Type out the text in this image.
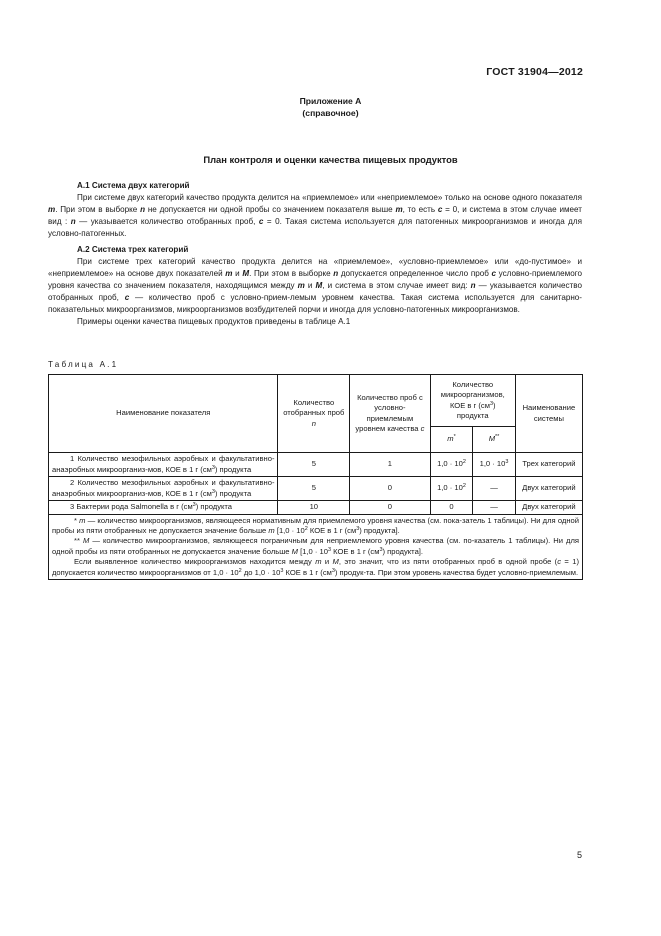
ГОСТ 31904—2012
Приложение А
(справочное)
План контроля и оценки качества пищевых продуктов

А.1 Система двух категорий

При системе двух категорий качество продукта делится на «приемлемое» или «неприемлемое» только на основе одного показателя m. При этом в выборке n не допускается ни одной пробы со значением показателя выше m, то есть c = 0, и система в этом случае имеет вид : n — указывается количество отобранных проб, c = 0. Такая система используется для патогенных микроорганизмов и иногда для условно-патогенных.

А.2 Система трех категорий

При системе трех категорий качество продукта делится на «приемлемое», «условно-приемлемое» или «до-пустимое» и «неприемлемое» на основе двух показателей m и M. При этом в выборке n допускается определенное число проб c условно-приемлемого уровня качества со значением показателя, находящимся между m и M, и система в этом случае имеет вид: n — указывается количество отобранных проб, c — количество проб с условно-прием-лемым уровнем качества. Такая система используется для санитарно-показательных микроорганизмов, микроорганизмов возбудителей порчи и иногда для условно-патогенных микроорганизмов.

Примеры оценки качества пищевых продуктов приведены в таблице А.1

Таблица А.1
Наименование показателя	Количество отобранных проб n	Количество проб с условно-приемлемым уровнем качества c	Количество микроорганизмов, КОЕ в г $(см^3)$ продукта		Наименование системы
			m*	M**
1 Количество мезофильных аэробных и факультативно-анаэробных микроорганиз-мов, КОЕ в 1 г $(см^3)$ продукта	5	1	$1,0 \cdot 10^2$	$1,0 \cdot 10^3$	Трех категорий
2 Количество мезофильных аэробных и факультативно-анаэробных микроорганиз-мов, КОЕ в 1 г $(см^3)$ продукта	5	0	$1,0 \cdot 10^2$	—	Двух категорий
3 Бактерии рода Salmonella в г $(см^3)$ продукта	10	0	0	—	Двух категорий

* m — количество микроорганизмов, являющееся нормативным для приемлемого уровня качества (см. пока-затель 1 таблицы). Ни для одной пробы из пяти отобранных не допускается значение больше m [$1,0 \cdot 10^2$ КОЕ в 1 г $(см^3)$ продукта].

** M — количество микроорганизмов, являющееся пограничным для неприемлемого уровня качества (см. по-казатель 1 таблицы). Ни для одной пробы из пяти отобранных не допускается значение больше M [$1,0 \cdot 10^3$ КОЕ в 1 г $(см^3)$ продукта].

Если выявленное количество микроорганизмов находится между m и M, это значит, что из пяти отобранных проб в одной пробе (c = 1) допускается количество микроорганизмов от $1,0 \cdot 10^2$ до $1,0 \cdot 10^3$ КОЕ в 1 г $(см^3)$ продук-та. При этом уровень качества будет условно-приемлемым.					

5
